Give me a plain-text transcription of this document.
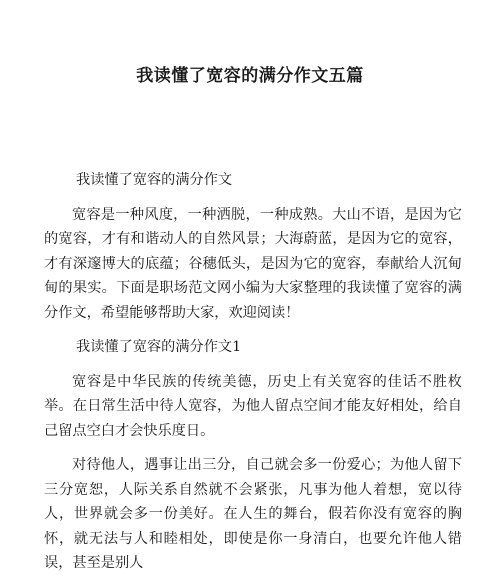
我读懂了宽容的满分作文五篇

我读懂了宽容的满分作文

宽容是一种风度，一种洒脱，一种成熟。大山不语，是因为它的宽容，才有和谐动人的自然风景；大海蔚蓝，是因为它的宽容，才有深邃博大的底蕴；谷穗低头，是因为它的宽容，奉献给人沉甸甸的果实。下面是职场范文网小编为大家整理的我读懂了宽容的满分作文，希望能够帮助大家，欢迎阅读！

我读懂了宽容的满分作文1

宽容是中华民族的传统美德，历史上有关宽容的佳话不胜枚举。在日常生活中待人宽容，为他人留点空间才能友好相处，给自己留点空白才会快乐度日。

对待他人，遇事让出三分，自己就会多一份爱心；为他人留下三分宽恕，人际关系自然就不会紧张，凡事为他人着想，宽以待人，世界就会多一份美好。在人生的舞台，假若你没有宽容的胸怀，就无法与人和睦相处，即使是你一身清白，也要允许他人错误，甚至是别人
